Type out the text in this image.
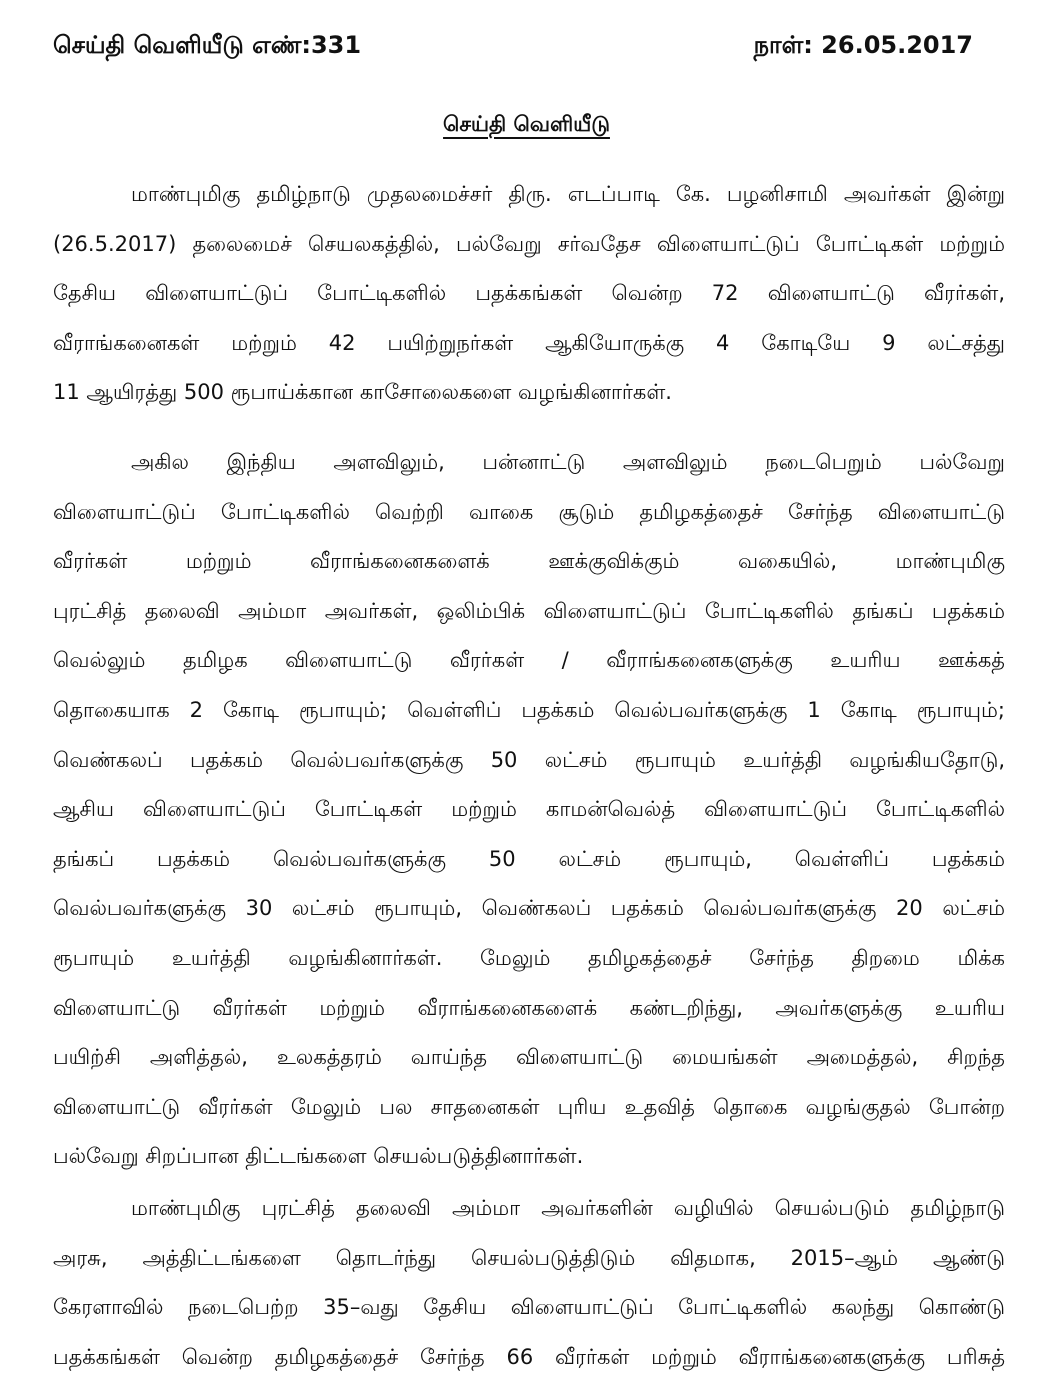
செய்தி வெளியீடு எண்:331	நாள்: 26.05.2017
செய்தி வெளியீடு
மாண்புமிகு தமிழ்நாடு முதலமைச்சர் திரு. எடப்பாடி கே. பழனிசாமி அவர்கள் இன்று
(26.5.2017) தலைமைச் செயலகத்தில், பல்வேறு சர்வதேச விளையாட்டுப் போட்டிகள் மற்றும்
தேசிய விளையாட்டுப் போட்டிகளில் பதக்கங்கள் வென்ற 72 விளையாட்டு வீரர்கள்,
வீராங்கனைகள் மற்றும் 42 பயிற்றுநர்கள் ஆகியோருக்கு 4 கோடியே 9 லட்சத்து
11 ஆயிரத்து 500 ரூபாய்க்கான காசோலைகளை வழங்கினார்கள்.
அகில இந்திய அளவிலும், பன்னாட்டு அளவிலும் நடைபெறும் பல்வேறு
விளையாட்டுப் போட்டிகளில் வெற்றி வாகை சூடும் தமிழகத்தைச் சேர்ந்த விளையாட்டு
வீரர்கள் மற்றும் வீராங்கனைகளைக் ஊக்குவிக்கும் வகையில், மாண்புமிகு
புரட்சித் தலைவி அம்மா அவர்கள், ஒலிம்பிக் விளையாட்டுப் போட்டிகளில் தங்கப் பதக்கம்
வெல்லும் தமிழக விளையாட்டு வீரர்கள் / வீராங்கனைகளுக்கு உயரிய ஊக்கத்
தொகையாக 2 கோடி ரூபாயும்; வெள்ளிப் பதக்கம் வெல்பவர்களுக்கு 1 கோடி ரூபாயும்;
வெண்கலப் பதக்கம் வெல்பவர்களுக்கு 50 லட்சம் ரூபாயும் உயர்த்தி வழங்கியதோடு,
ஆசிய விளையாட்டுப் போட்டிகள் மற்றும் காமன்வெல்த் விளையாட்டுப் போட்டிகளில்
தங்கப் பதக்கம் வெல்பவர்களுக்கு 50 லட்சம் ரூபாயும், வெள்ளிப் பதக்கம்
வெல்பவர்களுக்கு 30 லட்சம் ரூபாயும், வெண்கலப் பதக்கம் வெல்பவர்களுக்கு 20 லட்சம்
ரூபாயும் உயர்த்தி வழங்கினார்கள். மேலும் தமிழகத்தைச் சேர்ந்த திறமை மிக்க
விளையாட்டு வீரர்கள் மற்றும் வீராங்கனைகளைக் கண்டறிந்து, அவர்களுக்கு உயரிய
பயிற்சி அளித்தல், உலகத்தரம் வாய்ந்த விளையாட்டு மையங்கள் அமைத்தல், சிறந்த
விளையாட்டு வீரர்கள் மேலும் பல சாதனைகள் புரிய உதவித் தொகை வழங்குதல் போன்ற
பல்வேறு சிறப்பான திட்டங்களை செயல்படுத்தினார்கள்.
மாண்புமிகு புரட்சித் தலைவி அம்மா அவர்களின் வழியில் செயல்படும் தமிழ்நாடு
அரசு, அத்திட்டங்களை தொடர்ந்து செயல்படுத்திடும் விதமாக, 2015–ஆம் ஆண்டு
கேரளாவில் நடைபெற்ற 35–வது தேசிய விளையாட்டுப் போட்டிகளில் கலந்து கொண்டு
பதக்கங்கள் வென்ற தமிழகத்தைச் சேர்ந்த 66 வீரர்கள் மற்றும் வீராங்கனைகளுக்கு பரிசுத்
